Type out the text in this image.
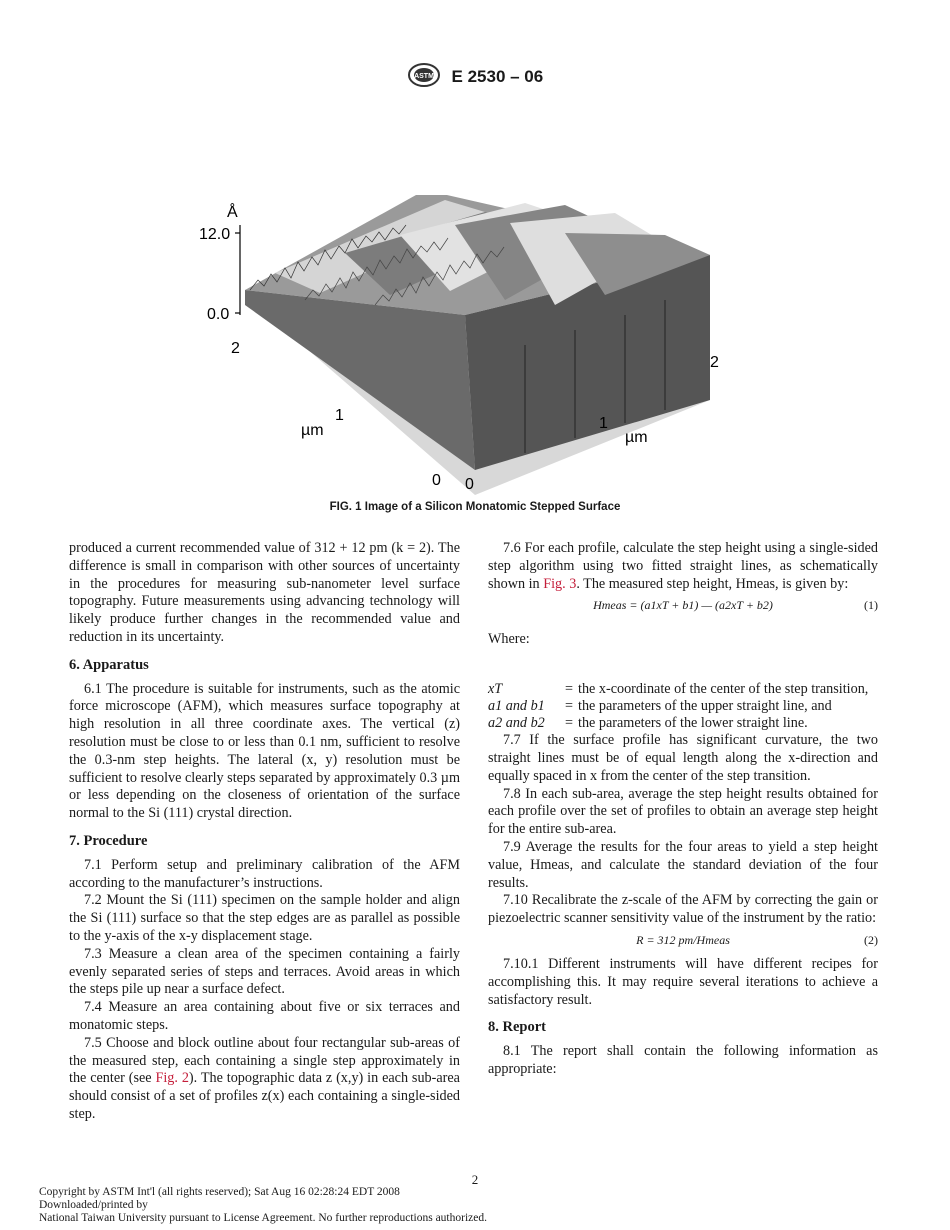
ASTM E 2530 – 06
Å
12.0
0.0
2
1
0
µm
0
1
2
µm
FIG. 1 Image of a Silicon Monatomic Stepped Surface

produced a current recommended value of 312 + 12 pm (k = 2). The difference is small in comparison with other sources of uncertainty in the procedures for measuring sub-nanometer level surface topography. Future measurements using advancing technology will likely produce further changes in the recommended value and reduction in its uncertainty.

6. Apparatus

6.1 The procedure is suitable for instruments, such as the atomic force microscope (AFM), which measures surface topography at high resolution in all three coordinate axes. The vertical (z) resolution must be close to or less than 0.1 nm, sufficient to resolve the 0.3-nm step heights. The lateral (x, y) resolution must be sufficient to resolve clearly steps separated by approximately 0.3 µm or less depending on the closeness of orientation of the surface normal to the Si (111) crystal direction.

7. Procedure

7.1 Perform setup and preliminary calibration of the AFM according to the manufacturer’s instructions.

7.2 Mount the Si (111) specimen on the sample holder and align the Si (111) surface so that the step edges are as parallel as possible to the y-axis of the x-y displacement stage.

7.3 Measure a clean area of the specimen containing a fairly evenly separated series of steps and terraces. Avoid areas in which the steps pile up near a surface defect.

7.4 Measure an area containing about five or six terraces and monatomic steps.

7.5 Choose and block outline about four rectangular sub-areas of the measured step, each containing a single step approximately in the center (see Fig. 2). The topographic data z (x,y) in each sub-area should consist of a set of profiles z(x) each containing a single-sided step.

7.6 For each profile, calculate the step height using a single-sided step algorithm using two fitted straight lines, as schematically shown in Fig. 3. The measured step height, Hmeas, is given by:

Hmeas = (a1xT + b1) — (a2xT + b2)	(1)

Where:

xT	=	the x-coordinate of the center of the step transition,
a1 and b1	=	the parameters of the upper straight line, and
a2 and b2	=	the parameters of the lower straight line.

7.7 If the surface profile has significant curvature, the two straight lines must be of equal length along the x-direction and equally spaced in x from the center of the step transition.

7.8 In each sub-area, average the step height results obtained for each profile over the set of profiles to obtain an average step height for the entire sub-area.

7.9 Average the results for the four areas to yield a step height value, Hmeas, and calculate the standard deviation of the four results.

7.10 Recalibrate the z-scale of the AFM by correcting the gain or piezoelectric scanner sensitivity value of the instrument by the ratio:

R = 312 pm/Hmeas	(2)

7.10.1 Different instruments will have different recipes for accomplishing this. It may require several iterations to achieve a satisfactory result.

8. Report

8.1 The report shall contain the following information as appropriate:

2
Copyright by ASTM Int'l (all rights reserved); Sat Aug 16 02:28:24 EDT 2008
Downloaded/printed by
National Taiwan University pursuant to License Agreement. No further reproductions authorized.
